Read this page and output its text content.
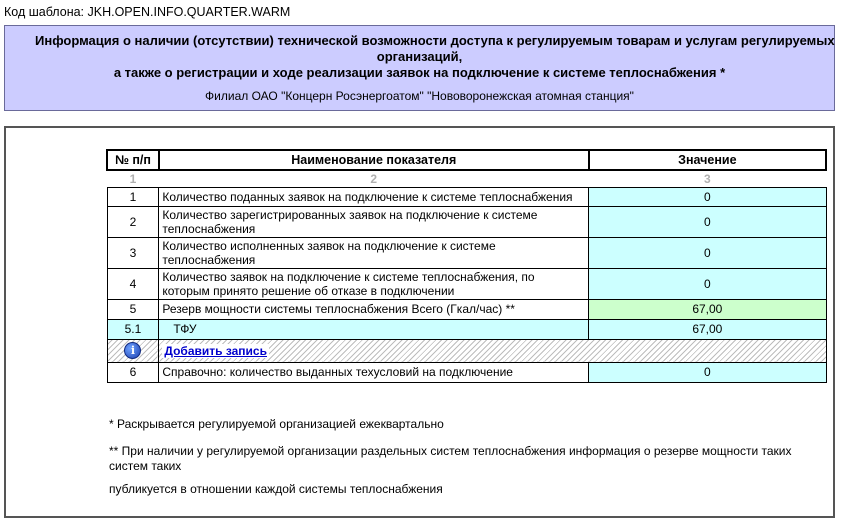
Код шаблона: JKH.OPEN.INFO.QUARTER.WARM
Информация о наличии (отсутствии) технической возможности доступа к регулируемым товарам и услугам регулируемых
организаций,
а также о регистрации и ходе реализации заявок на подключение к системе теплоснабжения *
Филиал ОАО "Концерн Росэнергоатом" "Нововоронежская атомная станция"
№ п/п	Наименование показателя	Значение
1	2	3
1	Количество поданных заявок на подключение к системе теплоснабжения	0
2	Количество зарегистрированных заявок на подключение к системе теплоснабжения	0
3	Количество исполненных заявок на подключение к системе теплоснабжения	0
4	Количество заявок на подключение к системе теплоснабжения, по которым принято решение об отказе в подключении	0
5	Резерв мощности системы теплоснабжения Всего (Гкал/час) **	67,00
5.1	ТФУ	67,00
i	Добавить запись	
6	Справочно: количество выданных техусловий на подключение	0
* Раскрывается регулируемой организацией ежеквартально
** При наличии у регулируемой организации раздельных систем теплоснабжения информация о резерве мощности таких систем таких
публикуется в отношении каждой системы теплоснабжения
